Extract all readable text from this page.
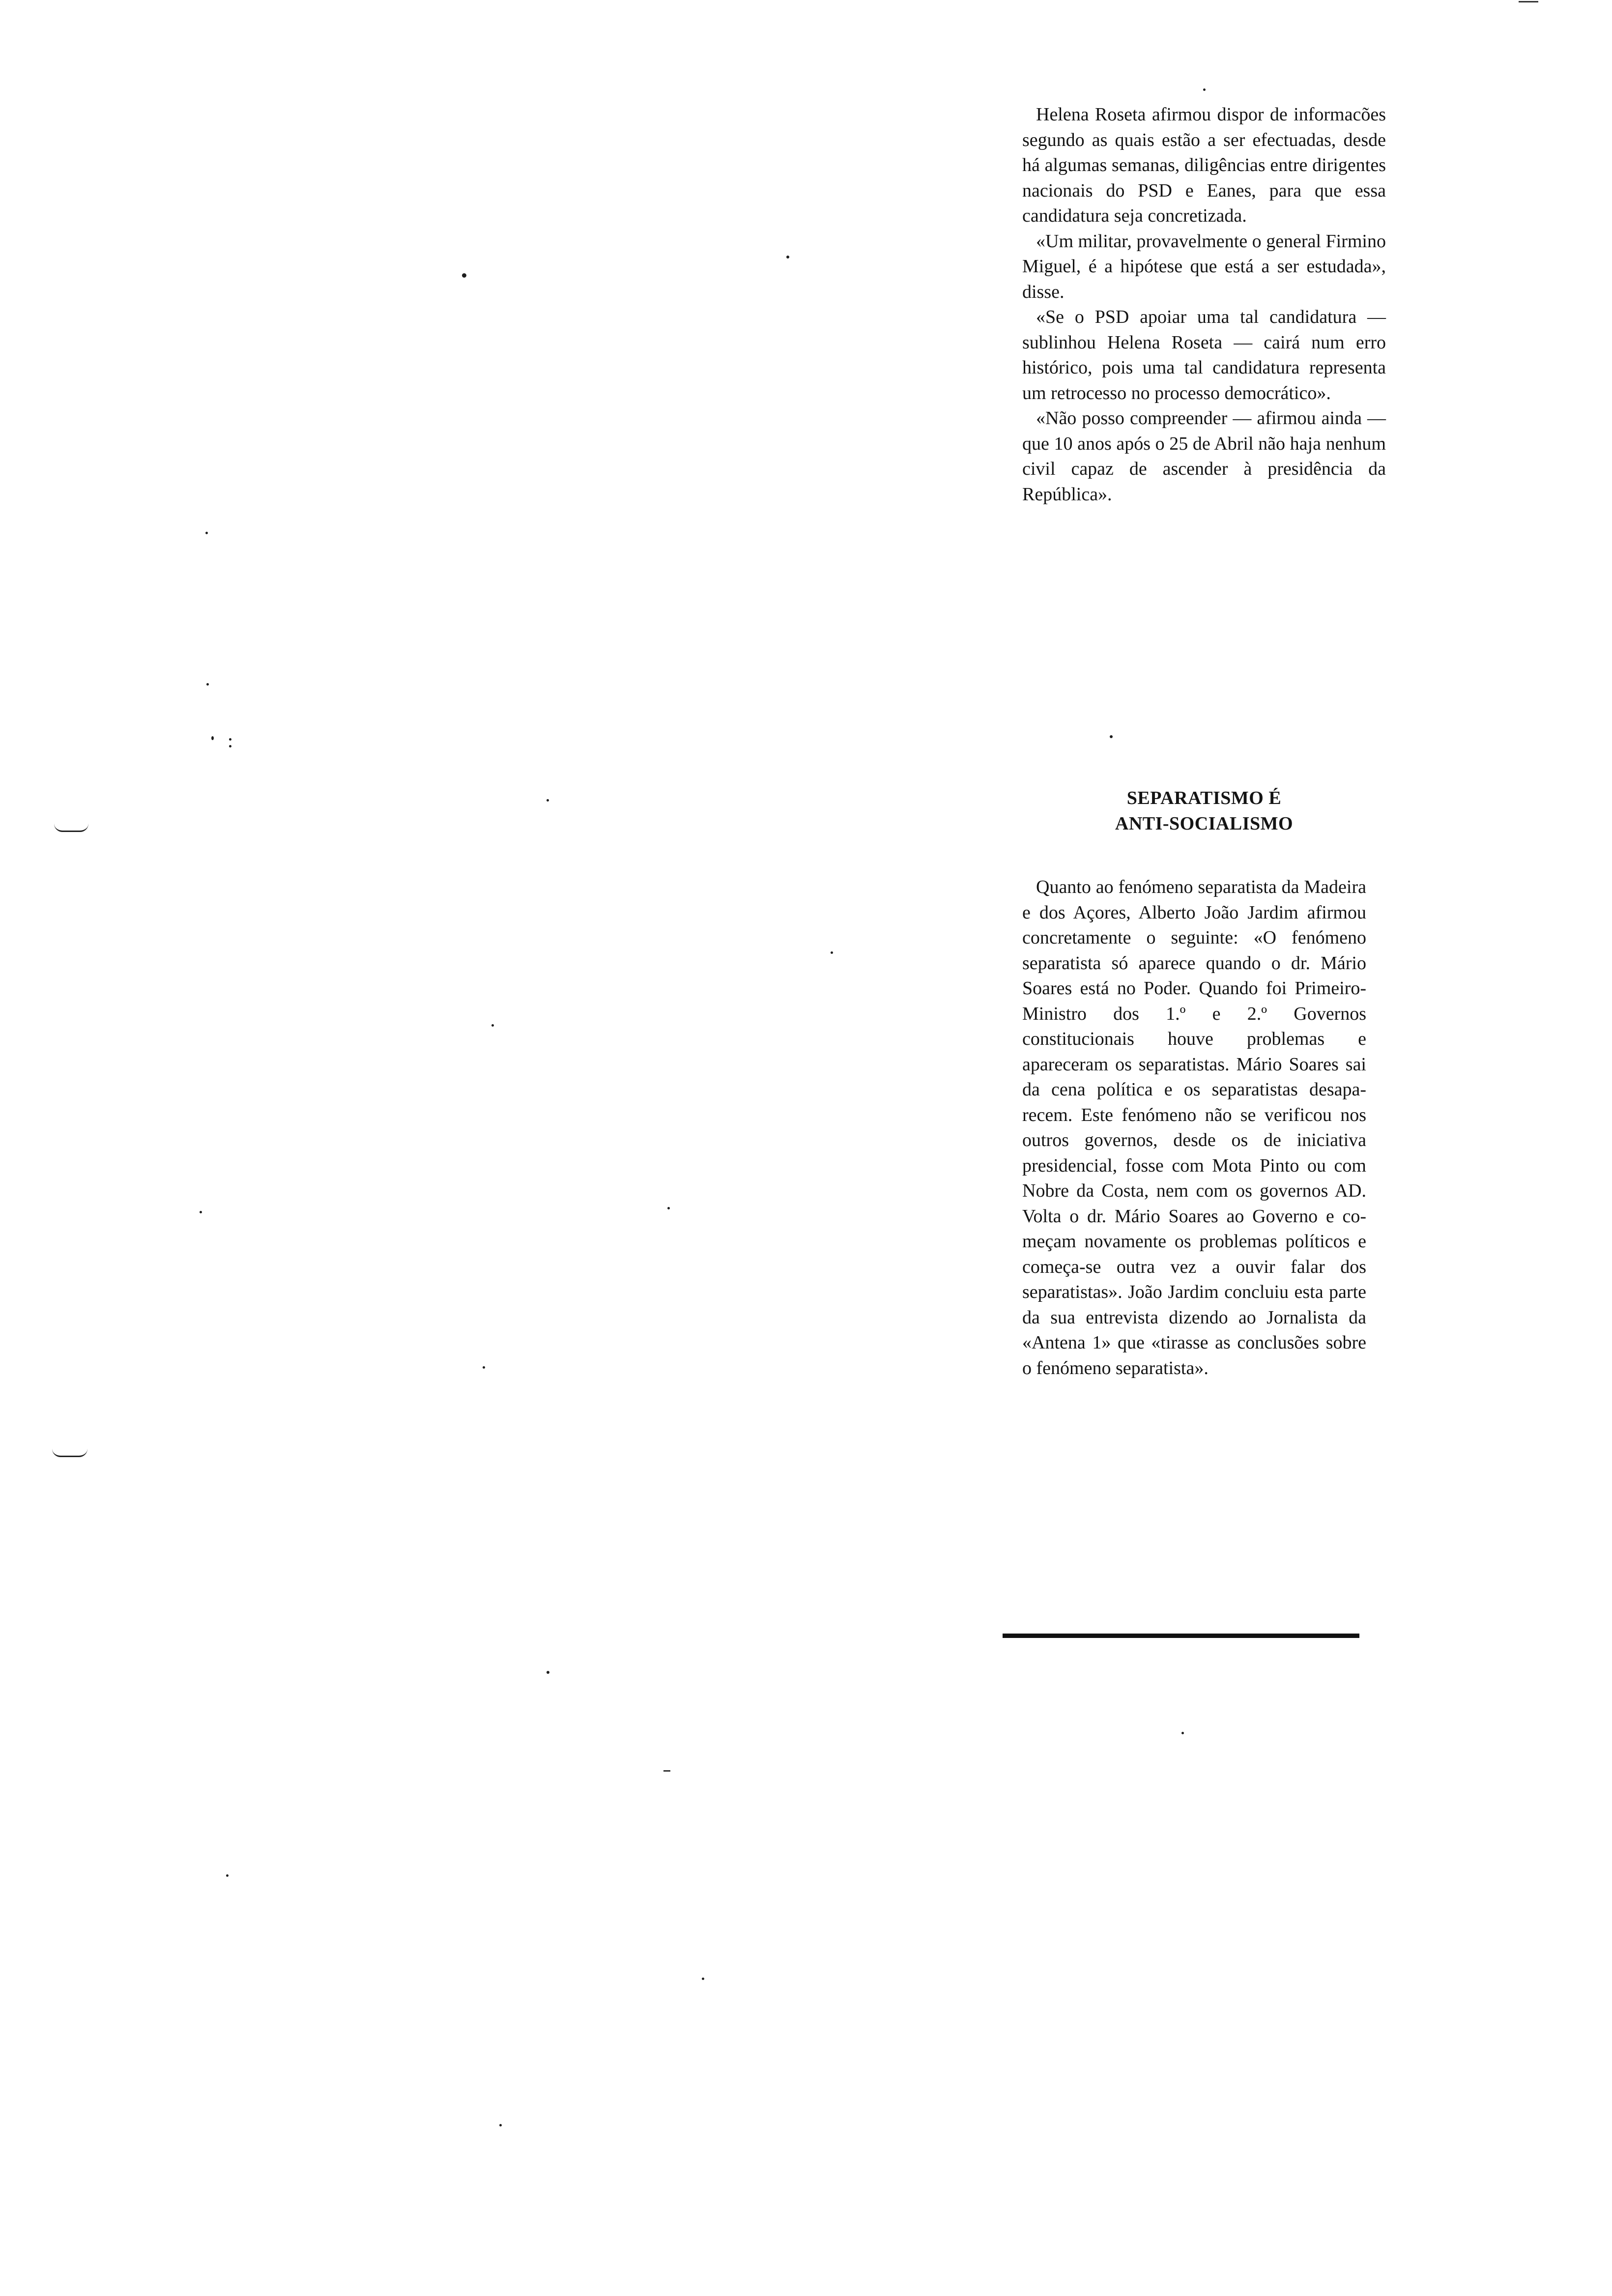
Helena Roseta afirmou dispor de informacões segundo as quais estão a ser efectuadas, desde há algumas semanas, diligências entre dirigentes nacionais do PSD e Eanes, para que essa candidatura seja concretizada.

«Um militar, provavelmente o general Firmino Miguel, é a hipótese que está a ser estudada», disse.

«Se o PSD apoiar uma tal candidatura — sublinhou Helena Roseta — cairá num erro histórico, pois uma tal candidatura representa um retrocesso no processo democrático».

«Não posso compreender — afirmou ainda — que 10 anos após o 25 de Abril não haja nenhum civil capaz de ascender à presidência da República».

SEPARATISMO É

ANTI-SOCIALISMO

Quanto ao fenómeno separatista da Madeira e dos Açores, Alberto João Jardim afirmou concretamente o seguinte: «O fenómeno separatista só aparece quando o dr. Mário Soares está no Poder. Quando foi Primeiro-Ministro dos 1.º e 2.º Governos constitucionais houve problemas e apareceram os separatistas. Mário Soares sai da cena política e os separatistas desaparecem. Este fenómeno não se verificou nos outros governos, desde os de iniciativa presidencial, fosse com Mota Pinto ou com Nobre da Costa, nem com os governos AD. Volta o dr. Mário Soares ao Governo e começam novamente os problemas políticos e começa-se outra vez a ouvir falar dos separatistas». João Jardim concluiu esta parte da sua entrevista dizendo ao Jornalista da «Antena 1» que «tirasse as conclusões sobre o fenómeno separatista».
